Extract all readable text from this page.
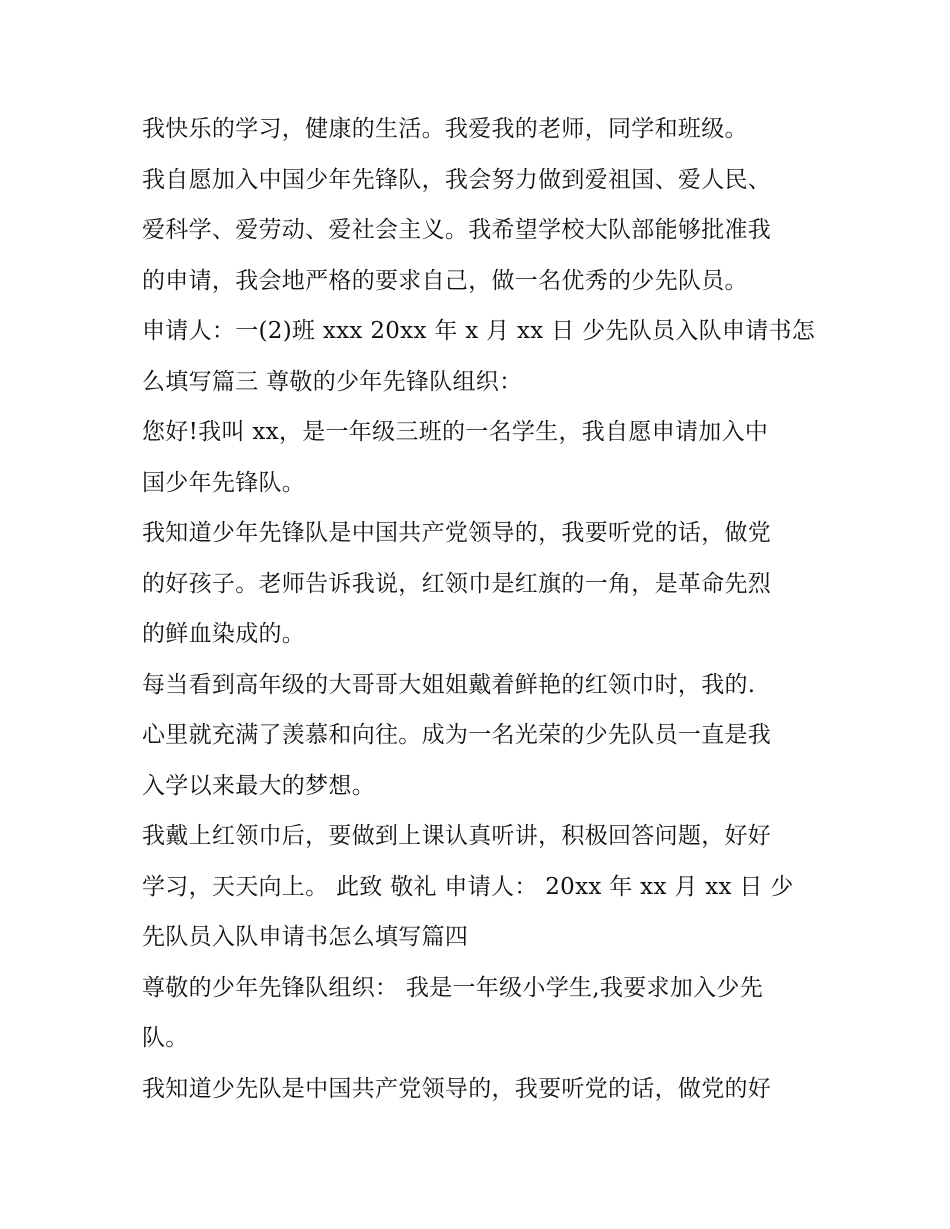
我快乐的学习，健康的生活。我爱我的老师，同学和班级。
我自愿加入中国少年先锋队，我会努力做到爱祖国、爱人民、
爱科学、爱劳动、爱社会主义。我希望学校大队部能够批准我
的申请，我会地严格的要求自己，做一名优秀的少先队员。
申请人：一(2)班 xxx 20xx 年 x 月 xx 日 少先队员入队申请书怎
么填写篇三 尊敬的少年先锋队组织：
您好!我叫 xx，是一年级三班的一名学生，我自愿申请加入中
国少年先锋队。
我知道少年先锋队是中国共产党领导的，我要听党的话，做党
的好孩子。老师告诉我说，红领巾是红旗的一角，是革命先烈
的鲜血染成的。
每当看到高年级的大哥哥大姐姐戴着鲜艳的红领巾时，我的.
心里就充满了羡慕和向往。成为一名光荣的少先队员一直是我
入学以来最大的梦想。
我戴上红领巾后，要做到上课认真听讲，积极回答问题，好好
学习，天天向上。 此致 敬礼 申请人： 20xx 年 xx 月 xx 日 少
先队员入队申请书怎么填写篇四
尊敬的少年先锋队组织： 我是一年级小学生,我要求加入少先
队。
我知道少先队是中国共产党领导的，我要听党的话，做党的好
